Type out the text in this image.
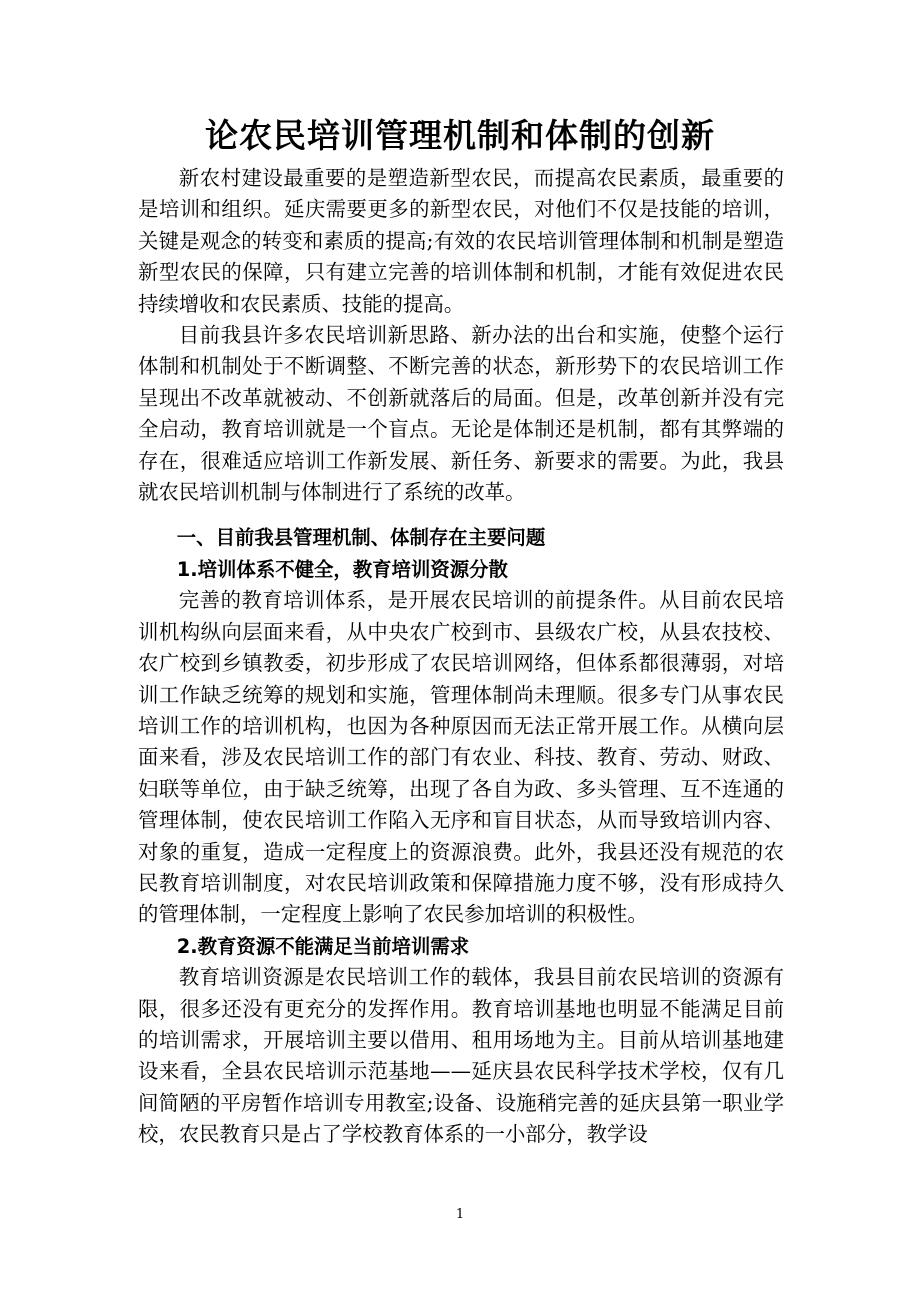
论农民培训管理机制和体制的创新

新农村建设最重要的是塑造新型农民，而提高农民素质，最重要的是培训和组织。延庆需要更多的新型农民，对他们不仅是技能的培训，关键是观念的转变和素质的提高;有效的农民培训管理体制和机制是塑造新型农民的保障，只有建立完善的培训体制和机制，才能有效促进农民持续增收和农民素质、技能的提高。

目前我县许多农民培训新思路、新办法的出台和实施，使整个运行体制和机制处于不断调整、不断完善的状态，新形势下的农民培训工作呈现出不改革就被动、不创新就落后的局面。但是，改革创新并没有完全启动，教育培训就是一个盲点。无论是体制还是机制，都有其弊端的存在，很难适应培训工作新发展、新任务、新要求的需要。为此，我县就农民培训机制与体制进行了系统的改革。

一、目前我县管理机制、体制存在主要问题

1.培训体系不健全，教育培训资源分散

完善的教育培训体系，是开展农民培训的前提条件。从目前农民培训机构纵向层面来看，从中央农广校到市、县级农广校，从县农技校、农广校到乡镇教委，初步形成了农民培训网络，但体系都很薄弱，对培训工作缺乏统筹的规划和实施，管理体制尚未理顺。很多专门从事农民培训工作的培训机构，也因为各种原因而无法正常开展工作。从横向层面来看，涉及农民培训工作的部门有农业、科技、教育、劳动、财政、妇联等单位，由于缺乏统筹，出现了各自为政、多头管理、互不连通的管理体制，使农民培训工作陷入无序和盲目状态，从而导致培训内容、对象的重复，造成一定程度上的资源浪费。此外，我县还没有规范的农民教育培训制度，对农民培训政策和保障措施力度不够，没有形成持久的管理体制，一定程度上影响了农民参加培训的积极性。

2.教育资源不能满足当前培训需求

教育培训资源是农民培训工作的载体，我县目前农民培训的资源有限，很多还没有更充分的发挥作用。教育培训基地也明显不能满足目前的培训需求，开展培训主要以借用、租用场地为主。目前从培训基地建设来看，全县农民培训示范基地——延庆县农民科学技术学校，仅有几间简陋的平房暂作培训专用教室;设备、设施稍完善的延庆县第一职业学校，农民教育只是占了学校教育体系的一小部分，教学设

1
